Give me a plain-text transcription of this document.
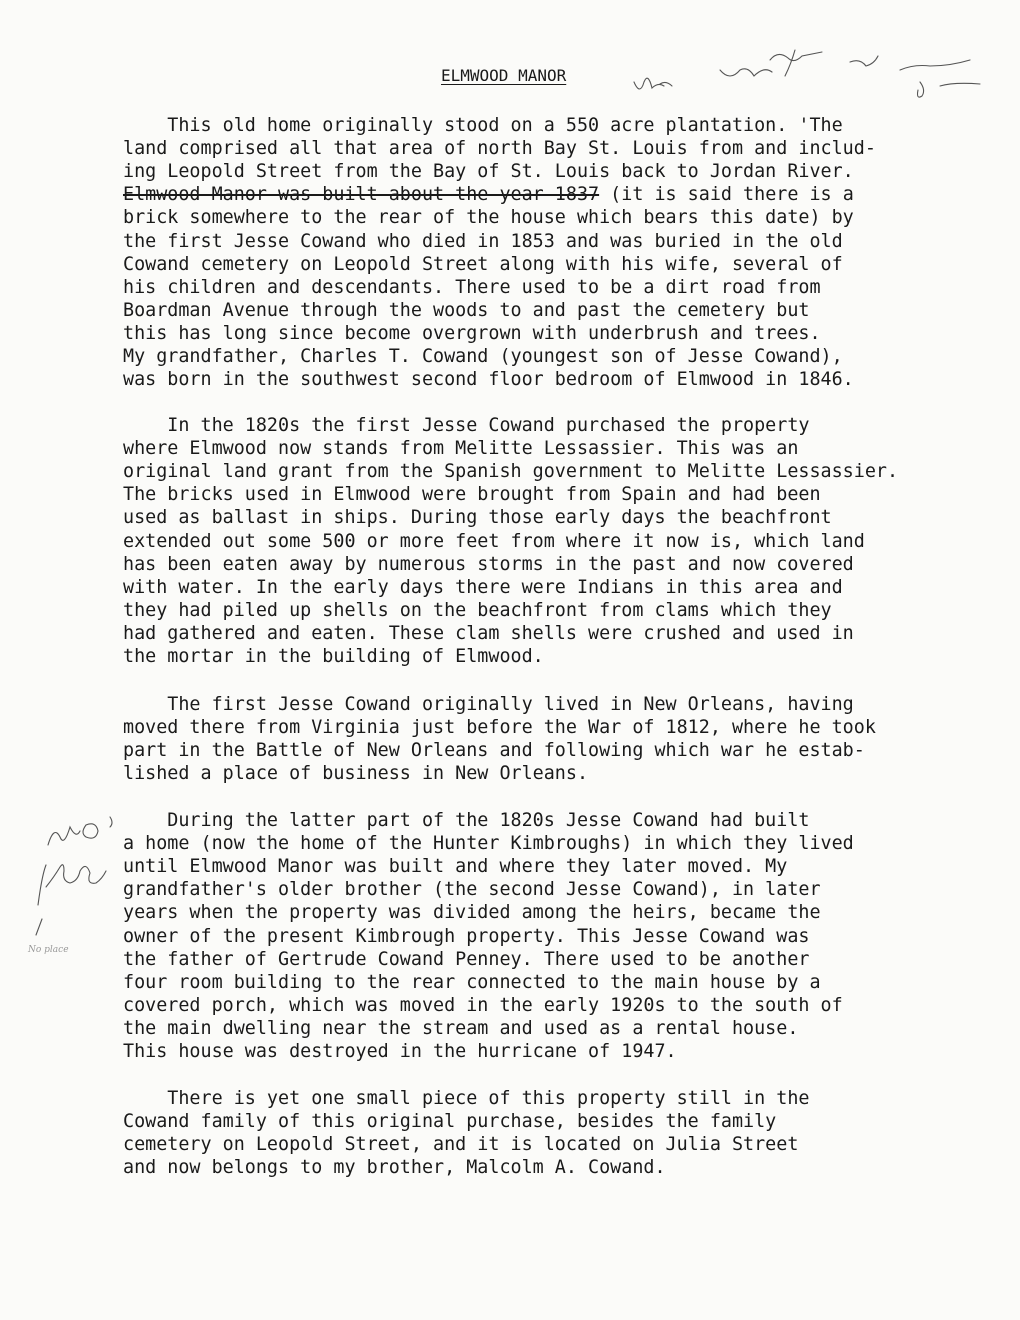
ELMWOOD MANOR
This old home originally stood on a 550 acre plantation. 'The
land comprised all that area of north Bay St. Louis from and includ-
ing Leopold Street from the Bay of St. Louis back to Jordan River.
Elmwood Manor was built about the year 1837 (it is said there is a
brick somewhere to the rear of the house which bears this date) by
the first Jesse Cowand who died in 1853 and was buried in the old
Cowand cemetery on Leopold Street along with his wife, several of
his children and descendants. There used to be a dirt road from
Boardman Avenue through the woods to and past the cemetery but
this has long since become overgrown with underbrush and trees.
My grandfather, Charles T. Cowand (youngest son of Jesse Cowand),
was born in the southwest second floor bedroom of Elmwood in 1846.
In the 1820s the first Jesse Cowand purchased the property
where Elmwood now stands from Melitte Lessassier. This was an
original land grant from the Spanish government to Melitte Lessassier.
The bricks used in Elmwood were brought from Spain and had been
used as ballast in ships. During those early days the beachfront
extended out some 500 or more feet from where it now is, which land
has been eaten away by numerous storms in the past and now covered
with water. In the early days there were Indians in this area and
they had piled up shells on the beachfront from clams which they
had gathered and eaten. These clam shells were crushed and used in
the mortar in the building of Elmwood.
The first Jesse Cowand originally lived in New Orleans, having
moved there from Virginia just before the War of 1812, where he took
part in the Battle of New Orleans and following which war he estab-
lished a place of business in New Orleans.
During the latter part of the 1820s Jesse Cowand had built
a home (now the home of the Hunter Kimbroughs) in which they lived
until Elmwood Manor was built and where they later moved. My
grandfather's older brother (the second Jesse Cowand), in later
years when the property was divided among the heirs, became the
owner of the present Kimbrough property. This Jesse Cowand was
the father of Gertrude Cowand Penney. There used to be another
four room building to the rear connected to the main house by a
covered porch, which was moved in the early 1920s to the south of
the main dwelling near the stream and used as a rental house.
This house was destroyed in the hurricane of 1947.
There is yet one small piece of this property still in the
Cowand family of this original purchase, besides the family
cemetery on Leopold Street, and it is located on Julia Street
and now belongs to my brother, Malcolm A. Cowand.
No place
